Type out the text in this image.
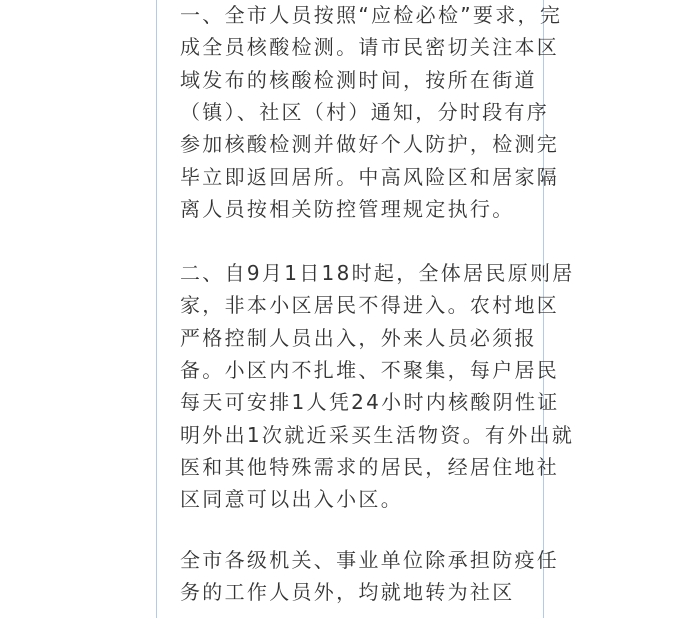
一、全市人员按照“应检必检”要求，完
成全员核酸检测。请市民密切关注本区
域发布的核酸检测时间，按所在街道
（镇）、社区（村）通知，分时段有序
参加核酸检测并做好个人防护，检测完
毕立即返回居所。中高风险区和居家隔
离人员按相关防控管理规定执行。
二、自9月1日18时起，全体居民原则居
家，非本小区居民不得进入。农村地区
严格控制人员出入，外来人员必须报
备。小区内不扎堆、不聚集，每户居民
每天可安排1人凭24小时内核酸阴性证
明外出1次就近采买生活物资。有外出就
医和其他特殊需求的居民，经居住地社
区同意可以出入小区。
全市各级机关、事业单位除承担防疫任
务的工作人员外，均就地转为社区
